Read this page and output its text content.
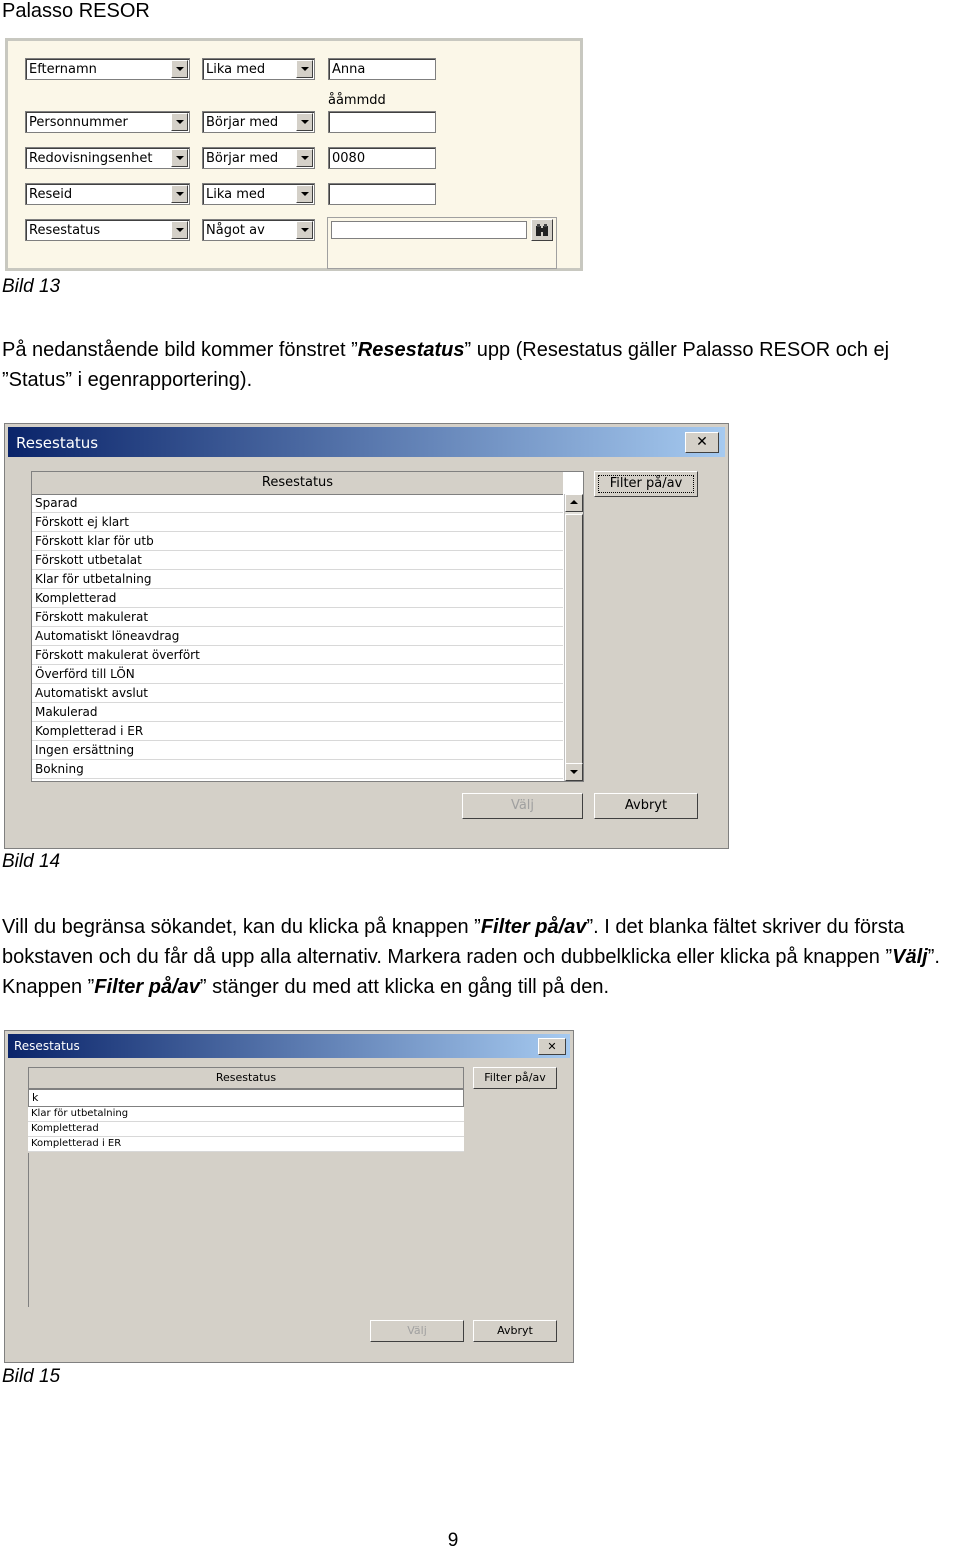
Palasso RESOR
Efternamn	Lika med	Anna
ååmmdd
Personnummer	Börjar med
Redovisningsenhet	Börjar med	0080
Reseid	Lika med
Resestatus	Något av
Bild 13
På nedanstående bild kommer fönstret ”Resestatus” upp (Resestatus gäller Palasso RESOR och ej ”Status” i egenrapportering).
Resestatus	✕
Resestatus
Sparad
Förskott ej klart
Förskott klar för utb
Förskott utbetalat
Klar för utbetalning
Kompletterad
Förskott makulerat
Automatiskt löneavdrag
Förskott makulerat överfört
Överförd till LÖN
Automatiskt avslut
Makulerad
Kompletterad i ER
Ingen ersättning
Bokning
Filter på/av
Välj	Avbryt
Bild 14
Vill du begränsa sökandet, kan du klicka på knappen ”Filter på/av”. I det blanka fältet skriver du första bokstaven och du får då upp alla alternativ. Markera raden och dubbelklicka eller klicka på knappen ”Välj”. Knappen ”Filter på/av” stänger du med att klicka en gång till på den.
Resestatus	✕
Resestatus
k
Klar för utbetalning
Kompletterad
Kompletterad i ER
Filter på/av
Välj	Avbryt
Bild 15
9
